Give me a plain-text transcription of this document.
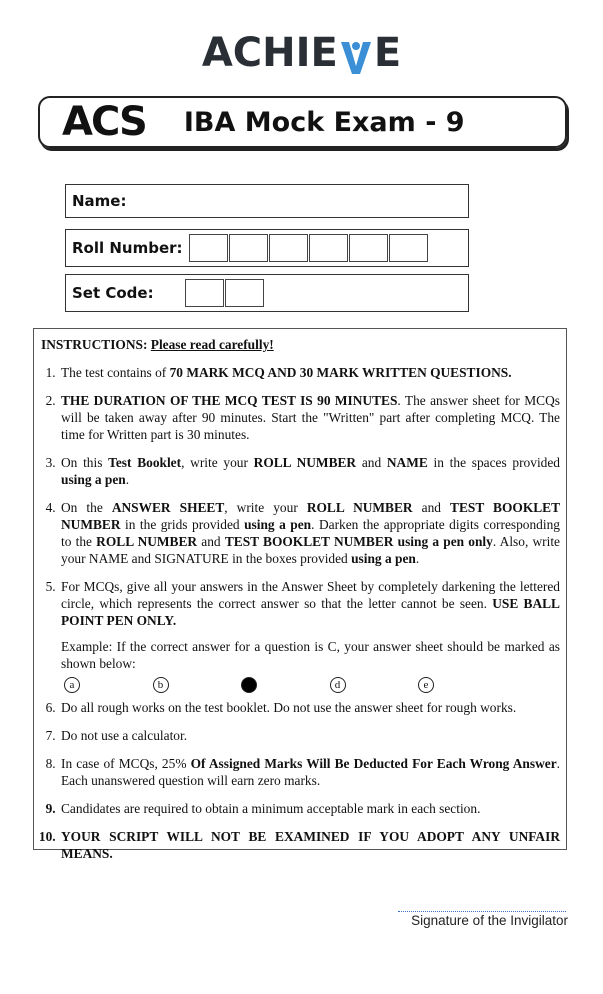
ACHIE E
ACS IBA Mock Exam - 9
Name:
Roll Number:
Set Code:
INSTRUCTIONS: Please read carefully!
1. The test contains of 70 MARK MCQ AND 30 MARK WRITTEN QUESTIONS.
2. THE DURATION OF THE MCQ TEST IS 90 MINUTES. The answer sheet for MCQs will be taken away after 90 minutes. Start the "Written" part after completing MCQ. The time for Written part is 30 minutes.
3. On this Test Booklet, write your ROLL NUMBER and NAME in the spaces provided using a pen.
4. On the ANSWER SHEET, write your ROLL NUMBER and TEST BOOKLET NUMBER in the grids provided using a pen. Darken the appropriate digits corresponding to the ROLL NUMBER and TEST BOOKLET NUMBER using a pen only. Also, write your NAME and SIGNATURE in the boxes provided using a pen.
5. For MCQs, give all your answers in the Answer Sheet by completely darkening the lettered circle, which represents the correct answer so that the letter cannot be seen. USE BALL POINT PEN ONLY.
Example: If the correct answer for a question is C, your answer sheet should be marked as shown below:
a	b	d	e
6. Do all rough works on the test booklet. Do not use the answer sheet for rough works.
7. Do not use a calculator.
8. In case of MCQs, 25% Of Assigned Marks Will Be Deducted For Each Wrong Answer. Each unanswered question will earn zero marks.
9. Candidates are required to obtain a minimum acceptable mark in each section.
10. YOUR SCRIPT WILL NOT BE EXAMINED IF YOU ADOPT ANY UNFAIR MEANS.
Signature of the Invigilator
